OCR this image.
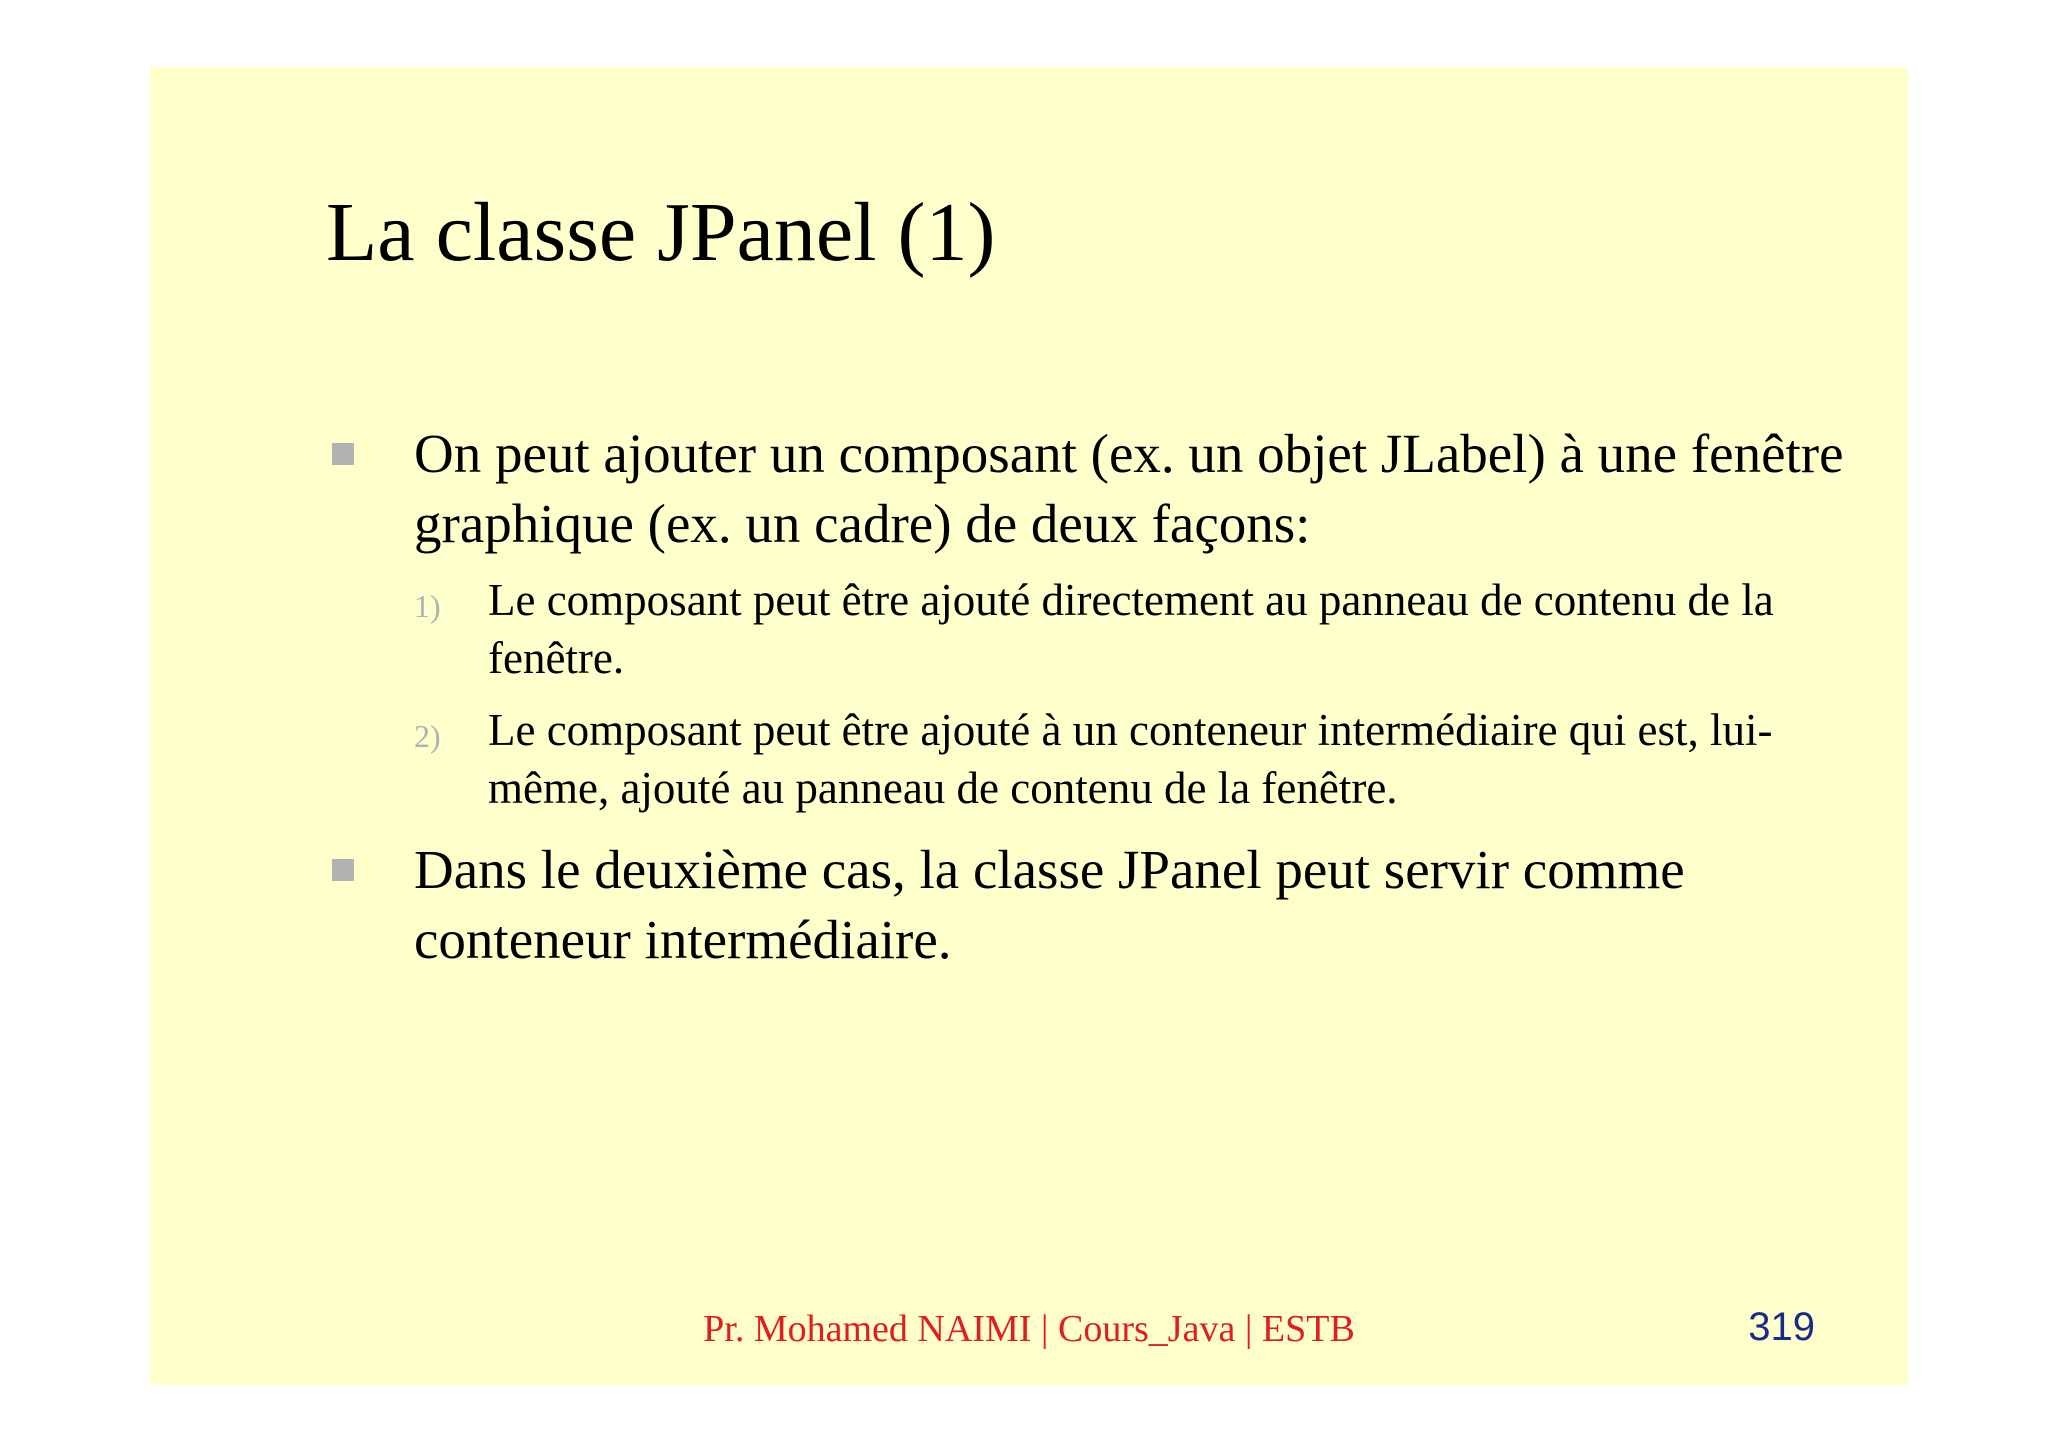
La classe JPanel (1)
On peut ajouter un composant (ex. un objet JLabel) à une fenêtre graphique (ex. un cadre) de deux façons:
1) Le composant peut être ajouté directement au panneau de contenu de la fenêtre.
2) Le composant peut être ajouté à un conteneur intermédiaire qui est, lui-même, ajouté au panneau de contenu de la fenêtre.
Dans le deuxième cas, la classe JPanel peut servir comme conteneur intermédiaire.
Pr. Mohamed NAIMI | Cours_Java | ESTB	319
